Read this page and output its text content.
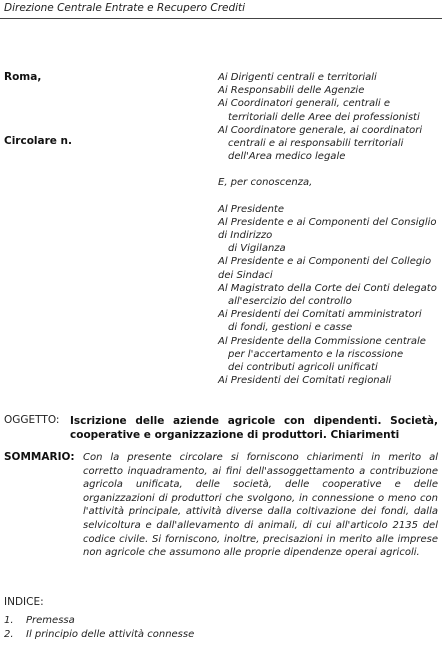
Direzione Centrale Entrate e Recupero Crediti
Roma,
Circolare n.
Ai Dirigenti centrali e territoriali
Ai Responsabili delle Agenzie
Ai Coordinatori generali, centrali e
territoriali delle Aree dei professionisti
Al Coordinatore generale, ai coordinatori
centrali e ai responsabili territoriali
dell'Area medico legale
E, per conoscenza,
Al Presidente
Al Presidente e ai Componenti del Consiglio
di Indirizzo
di Vigilanza
Al Presidente e ai Componenti del Collegio
dei Sindaci
Al Magistrato della Corte dei Conti delegato
all'esercizio del controllo
Ai Presidenti dei Comitati amministratori
di fondi, gestioni e casse
Al Presidente della Commissione centrale
per l'accertamento e la riscossione
dei contributi agricoli unificati
Ai Presidenti dei Comitati regionali
OGGETTO: Iscrizione delle aziende agricole con dipendenti. Società, cooperative e organizzazione di produttori. Chiarimenti
SOMMARIO: Con la presente circolare si forniscono chiarimenti in merito al corretto inquadramento, ai fini dell'assoggettamento a contribuzione agricola unificata, delle società, delle cooperative e delle organizzazioni di produttori che svolgono, in connessione o meno con l'attività principale, attività diverse dalla coltivazione dei fondi, dalla selvicoltura e dall'allevamento di animali, di cui all'articolo 2135 del codice civile. Si forniscono, inoltre, precisazioni in merito alle imprese non agricole che assumono alle proprie dipendenze operai agricoli.
INDICE:
1. Premessa
2. Il principio delle attività connesse
